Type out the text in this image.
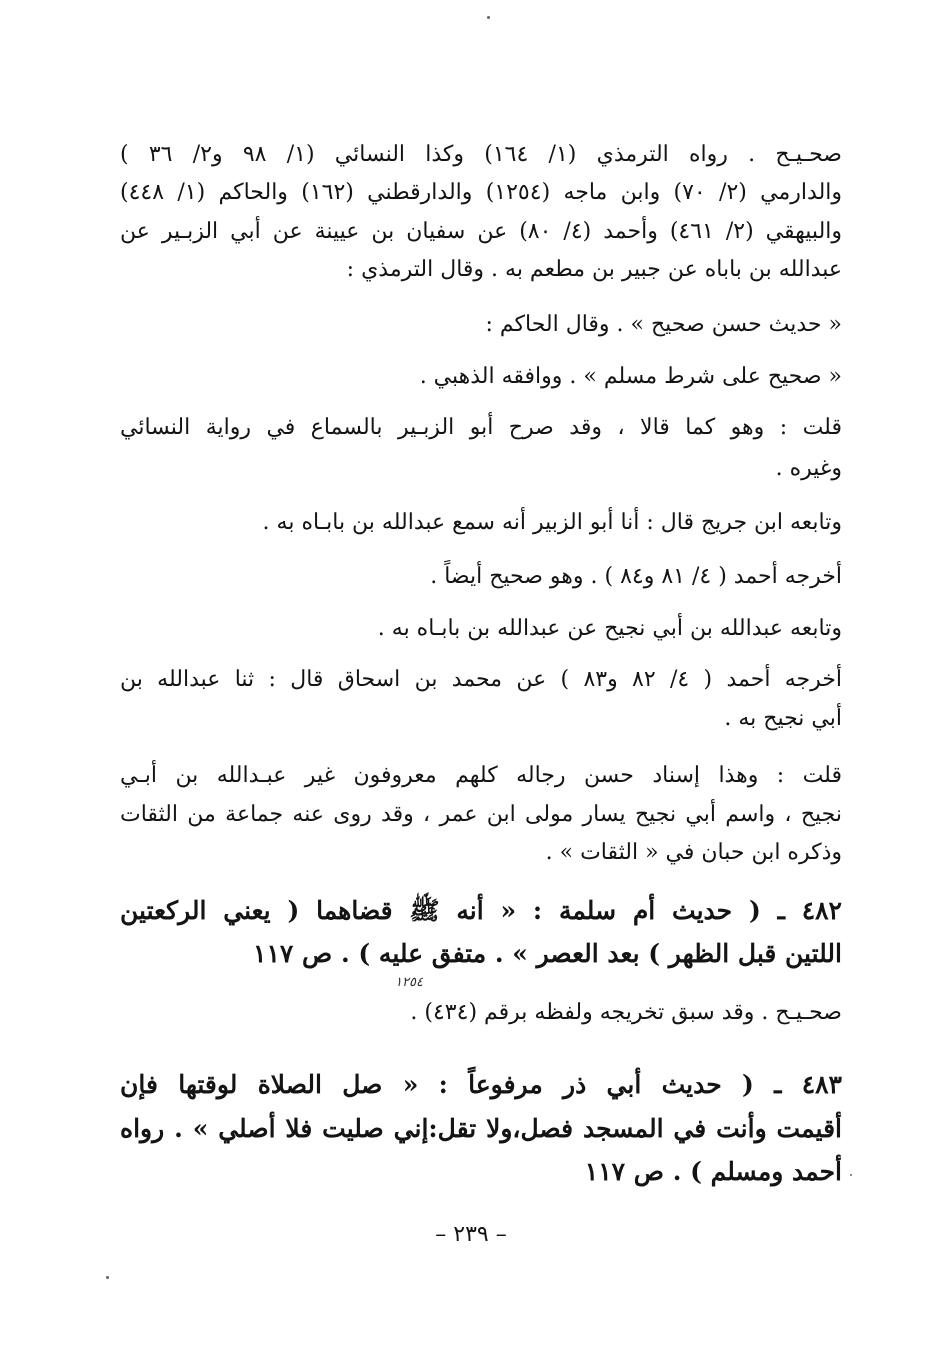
صحـيـح . رواه الترمذي (١/ ١٦٤) وكذا النسائي (١/ ٩٨ و٢/ ٣٦ )
والدارمي (٢/ ٧٠) وابن ماجه (١٢٥٤) والدارقطني (١٦٢) والحاكم (١/ ٤٤٨)
والبيهقي (٢/ ٤٦١) وأحمد (٤/ ٨٠) عن سفيان بن عيينة عن أبي الزبـير عن
عبدالله بن باباه عن جبير بن مطعم به . وقال الترمذي :
« حديث حسن صحيح » . وقال الحاكم :
« صحيح على شرط مسلم » . ووافقه الذهبي .
قلت : وهو كما قالا ، وقد صرح أبو الزبـير بالسماع في رواية النسائي
وغيره .
وتابعه ابن جريج قال : أنا أبو الزبير أنه سمع عبدالله بن بابـاه به .
أخرجه أحمد ( ٤/ ٨١ و٨٤ ) . وهو صحيح أيضاً .
وتابعه عبدالله بن أبي نجيح عن عبدالله بن بابـاه به .
أخرجه أحمد ( ٤/ ٨٢ و٨٣ ) عن محمد بن اسحاق قال : ثنا عبدالله بن
أبي نجيح به .
قلت : وهذا إسناد حسن رجاله كلهم معروفون غير عبـدالله بن أبـي
نجيح ، واسم أبي نجيح يسار مولى ابن عمر ، وقد روى عنه جماعة من الثقات
وذكره ابن حبان في « الثقات » .
٤٨٢ ـ ( حديث أم سلمة : « أنه ﷺ قضاهما ( يعني الركعتين
اللتين قبل الظهر ) بعد العصر » . متفق عليه ) . ص ١١٧
صحـيـح . وقد سبق تخريجه ولفظه برقم (٤٣٤) .
٤٨٣ ـ ( حديث أبي ذر مرفوعاً : « صل الصلاة لوقتها فإن
أقيمت وأنت في المسجد فصل،ولا تقل:إني صليت فلا أصلي » . رواه
أحمد ومسلم ) . ص ١١٧
١٢٥٤
– ٢٣٩ –
